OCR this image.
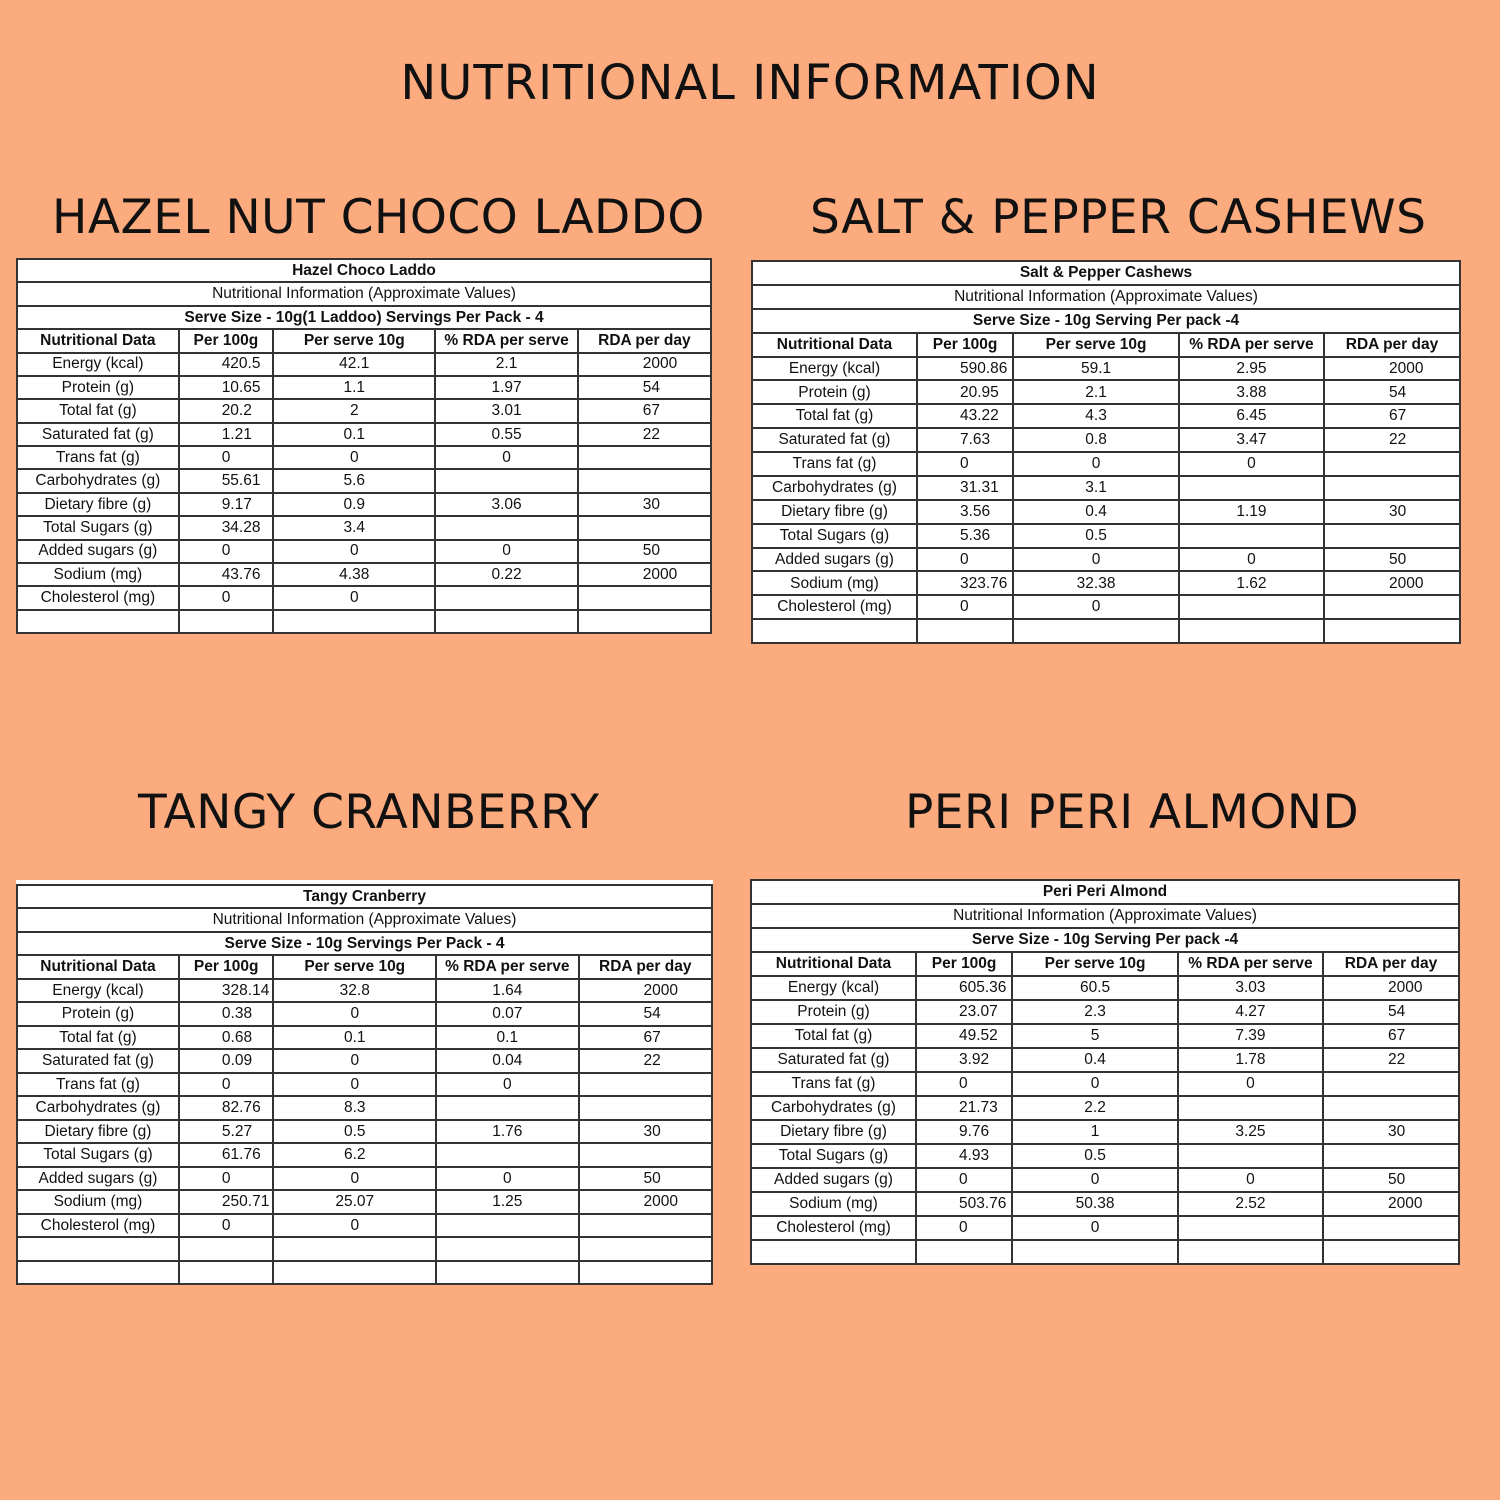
NUTRITIONAL INFORMATION
HAZEL NUT CHOCO LADDO SALT & PEPPER CASHEWS
TANGY CRANBERRY	PERI PERI ALMOND
Hazel Choco Laddo				
Nutritional Information (Approximate Values)				
Serve Size - 10g(1 Laddoo) Servings Per Pack - 4				
Nutritional Data	Per 100g	Per serve 10g	% RDA per serve	RDA per day
Energy (kcal)	420.5	42.1	2.1	2000
Protein (g)	10.65	1.1	1.97	54
Total fat (g)	20.2	2	3.01	67
Saturated fat (g)	1.21	0.1	0.55	22
Trans fat (g)	0	0	0	
Carbohydrates (g)	55.61	5.6		
Dietary fibre (g)	9.17	0.9	3.06	30
Total Sugars (g)	34.28	3.4		
Added sugars (g)	0	0	0	50
Sodium (mg)	43.76	4.38	0.22	2000
Cholesterol (mg)	0	0		

Salt & Pepper Cashews				
Nutritional Information (Approximate Values)				
Serve Size - 10g Serving Per pack -4				
Nutritional Data	Per 100g	Per serve 10g	% RDA per serve	RDA per day
Energy (kcal)	590.86	59.1	2.95	2000
Protein (g)	20.95	2.1	3.88	54
Total fat (g)	43.22	4.3	6.45	67
Saturated fat (g)	7.63	0.8	3.47	22
Trans fat (g)	0	0	0	
Carbohydrates (g)	31.31	3.1		
Dietary fibre (g)	3.56	0.4	1.19	30
Total Sugars (g)	5.36	0.5		
Added sugars (g)	0	0	0	50
Sodium (mg)	323.76	32.38	1.62	2000
Cholesterol (mg)	0	0		

Tangy Cranberry				
Nutritional Information (Approximate Values)				
Serve Size - 10g Servings Per Pack - 4				
Nutritional Data	Per 100g	Per serve 10g	% RDA per serve	RDA per day
Energy (kcal)	328.14	32.8	1.64	2000
Protein (g)	0.38	0	0.07	54
Total fat (g)	0.68	0.1	0.1	67
Saturated fat (g)	0.09	0	0.04	22
Trans fat (g)	0	0	0	
Carbohydrates (g)	82.76	8.3		
Dietary fibre (g)	5.27	0.5	1.76	30
Total Sugars (g)	61.76	6.2		
Added sugars (g)	0	0	0	50
Sodium (mg)	250.71	25.07	1.25	2000
Cholesterol (mg)	0	0		

Peri Peri Almond				
Nutritional Information (Approximate Values)				
Serve Size - 10g Serving Per pack -4				
Nutritional Data	Per 100g	Per serve 10g	% RDA per serve	RDA per day
Energy (kcal)	605.36	60.5	3.03	2000
Protein (g)	23.07	2.3	4.27	54
Total fat (g)	49.52	5	7.39	67
Saturated fat (g)	3.92	0.4	1.78	22
Trans fat (g)	0	0	0	
Carbohydrates (g)	21.73	2.2		
Dietary fibre (g)	9.76	1	3.25	30
Total Sugars (g)	4.93	0.5		
Added sugars (g)	0	0	0	50
Sodium (mg)	503.76	50.38	2.52	2000
Cholesterol (mg)	0	0		
